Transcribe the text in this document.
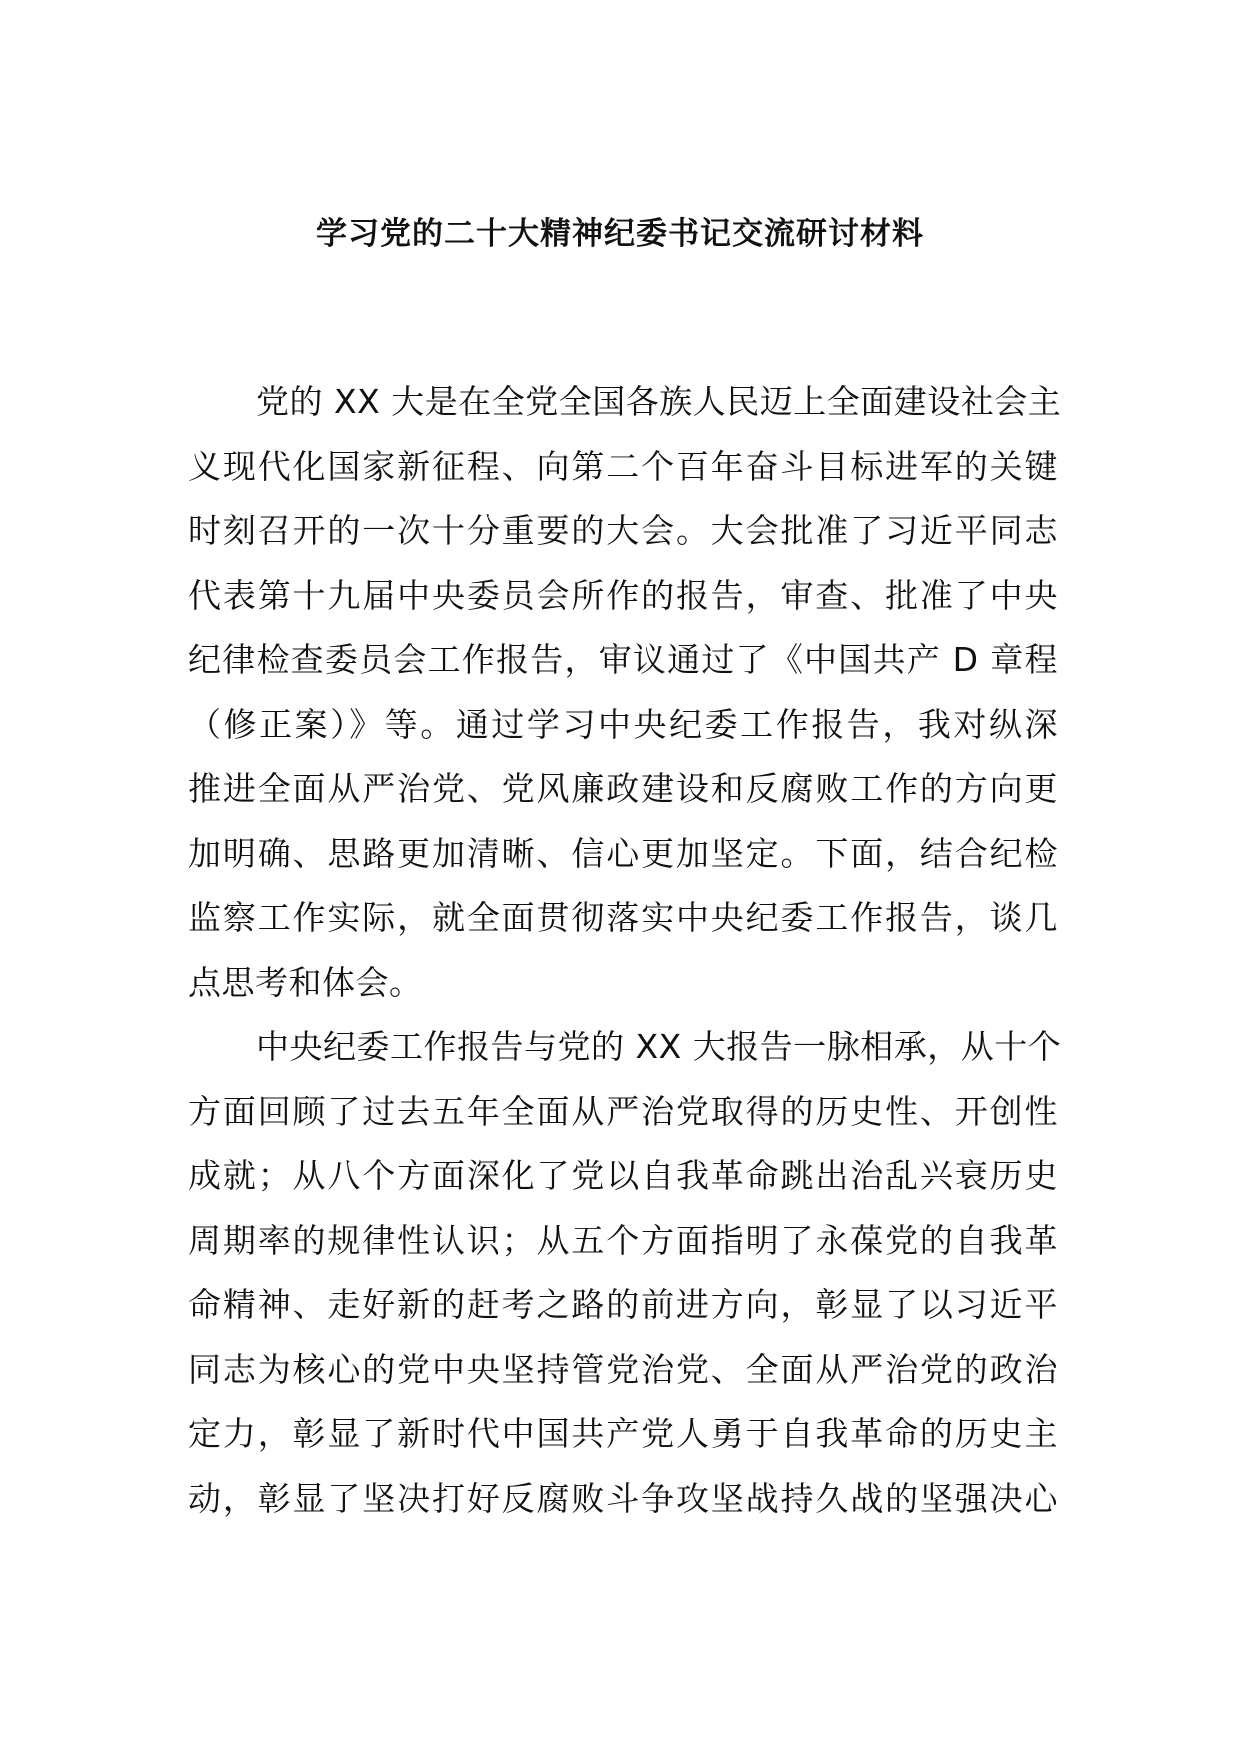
学习党的二十大精神纪委书记交流研讨材料
党的 XX 大是在全党全国各族人民迈上全面建设社会主
义现代化国家新征程、向第二个百年奋斗目标进军的关键
时刻召开的一次十分重要的大会。大会批准了习近平同志
代表第十九届中央委员会所作的报告，审查、批准了中央
纪律检查委员会工作报告，审议通过了《中国共产 D 章程
（修正案）》等。通过学习中央纪委工作报告，我对纵深
推进全面从严治党、党风廉政建设和反腐败工作的方向更
加明确、思路更加清晰、信心更加坚定。下面，结合纪检
监察工作实际，就全面贯彻落实中央纪委工作报告，谈几
点思考和体会。
中央纪委工作报告与党的 XX 大报告一脉相承，从十个
方面回顾了过去五年全面从严治党取得的历史性、开创性
成就；从八个方面深化了党以自我革命跳出治乱兴衰历史
周期率的规律性认识；从五个方面指明了永葆党的自我革
命精神、走好新的赶考之路的前进方向，彰显了以习近平
同志为核心的党中央坚持管党治党、全面从严治党的政治
定力，彰显了新时代中国共产党人勇于自我革命的历史主
动，彰显了坚决打好反腐败斗争攻坚战持久战的坚强决心
